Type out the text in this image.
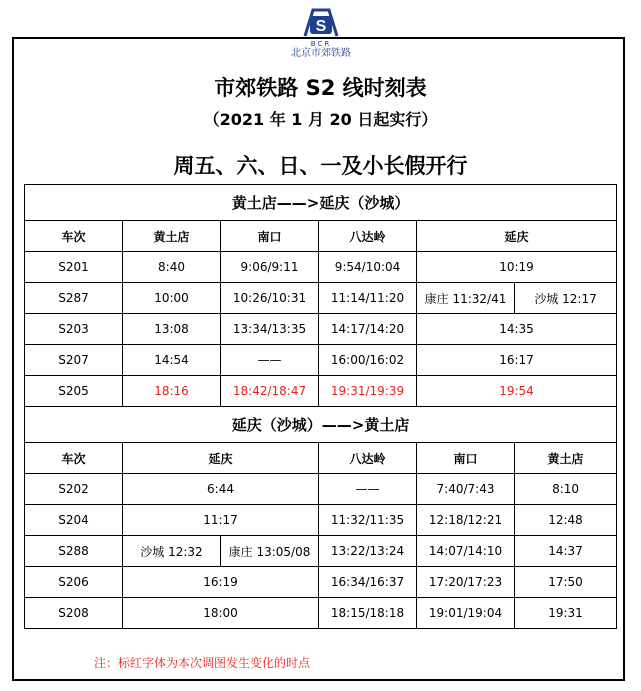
S
BCR
北京市郊铁路
市郊铁路 S2 线时刻表
（2021 年 1 月 20 日起实行）
周五、六、日、一及小长假开行
黄土店——>延庆（沙城）					
车次	黄土店	南口	八达岭	延庆	
S201	8:40	9:06/9:11	9:54/10:04	10:19	
S287	10:00	10:26/10:31	11:14/11:20	康庄 11:32/41	沙城 12:17
S203	13:08	13:34/13:35	14:17/14:20	14:35	
S207	14:54	——	16:00/16:02	16:17	
S205	18:16	18:42/18:47	19:31/19:39	19:54	
延庆（沙城）——>黄土店					
车次	延庆		八达岭	南口	黄土店
S202	6:44		——	7:40/7:43	8:10
S204	11:17		11:32/11:35	12:18/12:21	12:48
S288	沙城 12:32	康庄 13:05/08	13:22/13:24	14:07/14:10	14:37
S206	16:19		16:34/16:37	17:20/17:23	17:50
S208	18:00		18:15/18:18	19:01/19:04	19:31
注：标红字体为本次调图发生变化的时点
